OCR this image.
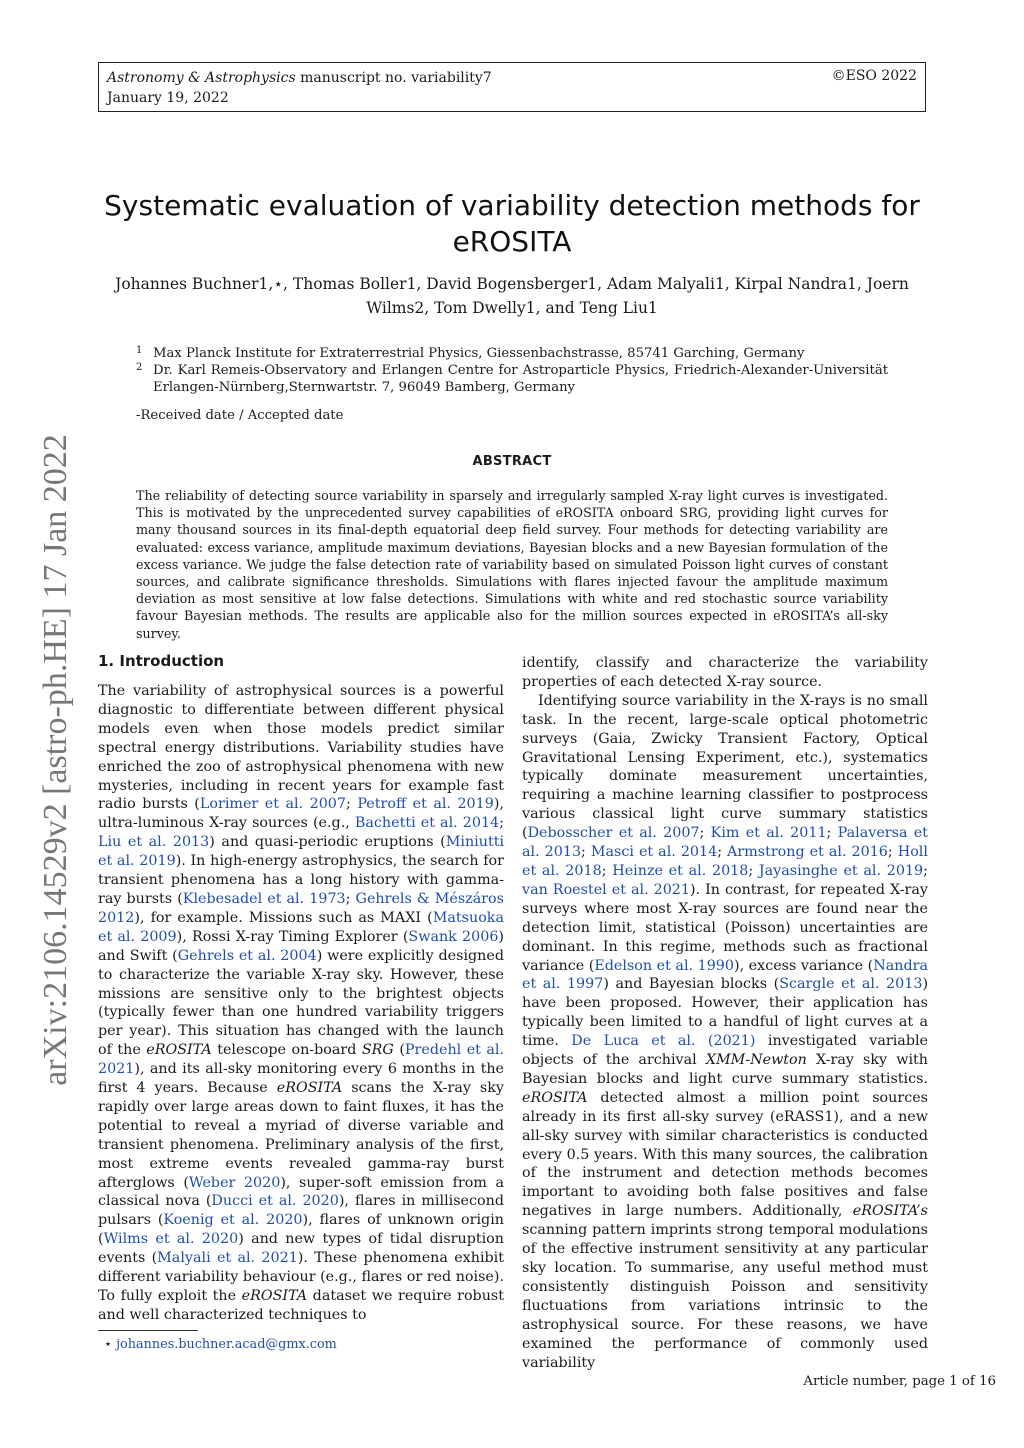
Astronomy & Astrophysics manuscript no. variability7
January 19, 2022
©ESO 2022
arXiv:2106.14529v2 [astro-ph.HE] 17 Jan 2022
Systematic evaluation of variability detection methods for eROSITA
Johannes Buchner1,⋆, Thomas Boller1, David Bogensberger1, Adam Malyali1, Kirpal Nandra1, Joern
Wilms2, Tom Dwelly1, and Teng Liu1
1 Max Planck Institute for Extraterrestrial Physics, Giessenbachstrasse, 85741 Garching, Germany
2 Dr. Karl Remeis-Observatory and Erlangen Centre for Astroparticle Physics, Friedrich-Alexander-Universität Erlangen-Nürnberg,Sternwartstr. 7, 96049 Bamberg, Germany
-Received date / Accepted date
ABSTRACT
The reliability of detecting source variability in sparsely and irregularly sampled X-ray light curves is investigated. This is motivated by the unprecedented survey capabilities of eROSITA onboard SRG, providing light curves for many thousand sources in its final-depth equatorial deep field survey. Four methods for detecting variability are evaluated: excess variance, amplitude maximum deviations, Bayesian blocks and a new Bayesian formulation of the excess variance. We judge the false detection rate of variability based on simulated Poisson light curves of constant sources, and calibrate significance thresholds. Simulations with flares injected favour the amplitude maximum deviation as most sensitive at low false detections. Simulations with white and red stochastic source variability favour Bayesian methods. The results are applicable also for the million sources expected in eROSITA’s all-sky survey.
1. Introduction

The variability of astrophysical sources is a powerful diagnostic to differentiate between different physical models even when those models predict similar spectral energy distributions. Variability studies have enriched the zoo of astrophysical phenomena with new mysteries, including in recent years for example fast radio bursts (Lorimer et al. 2007; Petroff et al. 2019), ultra-luminous X-ray sources (e.g., Bachetti et al. 2014; Liu et al. 2013) and quasi-periodic eruptions (Miniutti et al. 2019). In high-energy astrophysics, the search for transient phenomena has a long history with gamma-ray bursts (Klebesadel et al. 1973; Gehrels & Mészáros 2012), for example. Missions such as MAXI (Matsuoka et al. 2009), Rossi X-ray Timing Explorer (Swank 2006) and Swift (Gehrels et al. 2004) were explicitly designed to characterize the variable X-ray sky. However, these missions are sensitive only to the brightest objects (typically fewer than one hundred variability triggers per year). This situation has changed with the launch of the eROSITA telescope on-board SRG (Predehl et al. 2021), and its all-sky monitoring every 6 months in the first 4 years. Because eROSITA scans the X-ray sky rapidly over large areas down to faint fluxes, it has the potential to reveal a myriad of diverse variable and transient phenomena. Preliminary analysis of the first, most extreme events revealed gamma-ray burst afterglows (Weber 2020), super-soft emission from a classical nova (Ducci et al. 2020), flares in millisecond pulsars (Koenig et al. 2020), flares of unknown origin (Wilms et al. 2020) and new types of tidal disruption events (Malyali et al. 2021). These phenomena exhibit different variability behaviour (e.g., flares or red noise). To fully exploit the eROSITA dataset we require robust and well characterized techniques to

identify, classify and characterize the variability properties of each detected X-ray source.

Identifying source variability in the X-rays is no small task. In the recent, large-scale optical photometric surveys (Gaia, Zwicky Transient Factory, Optical Gravitational Lensing Experiment, etc.), systematics typically dominate measurement uncertainties, requiring a machine learning classifier to postprocess various classical light curve summary statistics (Debosscher et al. 2007; Kim et al. 2011; Palaversa et al. 2013; Masci et al. 2014; Armstrong et al. 2016; Holl et al. 2018; Heinze et al. 2018; Jayasinghe et al. 2019; van Roestel et al. 2021). In contrast, for repeated X-ray surveys where most X-ray sources are found near the detection limit, statistical (Poisson) uncertainties are dominant. In this regime, methods such as fractional variance (Edelson et al. 1990), excess variance (Nandra et al. 1997) and Bayesian blocks (Scargle et al. 2013) have been proposed. However, their application has typically been limited to a handful of light curves at a time. De Luca et al. (2021) investigated variable objects of the archival XMM-Newton X-ray sky with Bayesian blocks and light curve summary statistics. eROSITA detected almost a million point sources already in its first all-sky survey (eRASS1), and a new all-sky survey with similar characteristics is conducted every 0.5 years. With this many sources, the calibration of the instrument and detection methods becomes important to avoiding both false positives and false negatives in large numbers. Additionally, eROSITA’s scanning pattern imprints strong temporal modulations of the effective instrument sensitivity at any particular sky location. To summarise, any useful method must consistently distinguish Poisson and sensitivity fluctuations from variations intrinsic to the astrophysical source. For these reasons, we have examined the performance of commonly used variability

⋆ johannes.buchner.acad@gmx.com
Article number, page 1 of 16
